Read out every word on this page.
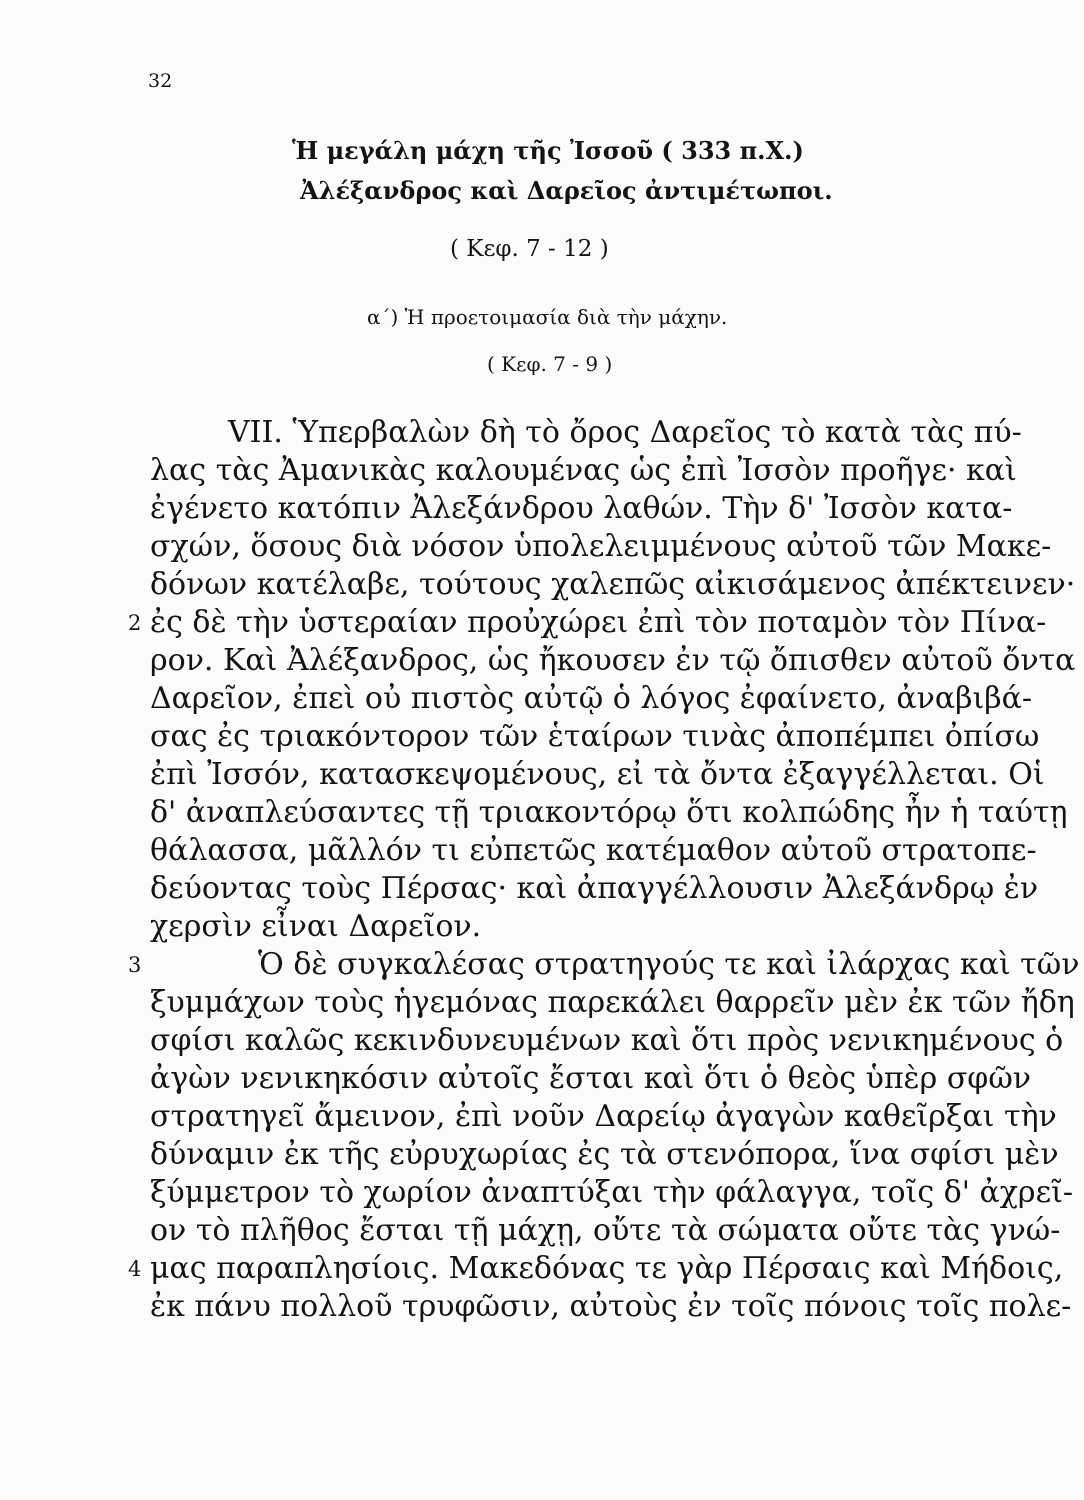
32
Ἡ μεγάλη μάχη τῆς Ἰσσοῦ ( 333 π.Χ.)
Ἀλέξανδρος καὶ Δαρεῖος ἀντιμέτωποι.
( Κεφ. 7 - 12 )
α΄) Ἡ προετοιμασία διὰ τὴν μάχην.
( Κεφ. 7 - 9 )
VII. Ὑπερβαλὼν δὴ τὸ ὄρος Δαρεῖος τὸ κατὰ τὰς πύ-
λας τὰς Ἀμανικὰς καλουμένας ὡς ἐπὶ Ἰσσὸν προῆγε· καὶ
ἐγένετο κατόπιν Ἀλεξάνδρου λαθών. Τὴν δ' Ἰσσὸν κατα-
σχών, ὅσους διὰ νόσον ὑπολελειμμένους αὐτοῦ τῶν Μακε-
δόνων κατέλαβε, τούτους χαλεπῶς αἰκισάμενος ἀπέκτεινεν·
ἐς δὲ τὴν ὑστεραίαν προὐχώρει ἐπὶ τὸν ποταμὸν τὸν Πίνα-
ρον. Καὶ Ἀλέξανδρος, ὡς ἤκουσεν ἐν τῷ ὄπισθεν αὐτοῦ ὄντα
Δαρεῖον, ἐπεὶ οὐ πιστὸς αὐτῷ ὁ λόγος ἐφαίνετο, ἀναβιβά-
σας ἐς τριακόντορον τῶν ἑταίρων τινὰς ἀποπέμπει ὀπίσω
ἐπὶ Ἰσσόν, κατασκεψομένους, εἰ τὰ ὄντα ἐξαγγέλλεται. Οἱ
δ' ἀναπλεύσαντες τῇ τριακοντόρῳ ὅτι κολπώδης ἦν ἡ ταύτῃ
θάλασσα, μᾶλλόν τι εὐπετῶς κατέμαθον αὐτοῦ στρατοπε-
δεύοντας τοὺς Πέρσας· καὶ ἀπαγγέλλουσιν Ἀλεξάνδρῳ ἐν
χερσὶν εἶναι Δαρεῖον.
Ὁ δὲ συγκαλέσας στρατηγούς τε καὶ ἰλάρχας καὶ τῶν
ξυμμάχων τοὺς ἡγεμόνας παρεκάλει θαρρεῖν μὲν ἐκ τῶν ἤδη
σφίσι καλῶς κεκινδυνευμένων καὶ ὅτι πρὸς νενικημένους ὁ
ἀγὼν νενικηκόσιν αὐτοῖς ἔσται καὶ ὅτι ὁ θεὸς ὑπὲρ σφῶν
στρατηγεῖ ἄμεινον, ἐπὶ νοῦν Δαρείῳ ἀγαγὼν καθεῖρξαι τὴν
δύναμιν ἐκ τῆς εὐρυχωρίας ἐς τὰ στενόπορα, ἵνα σφίσι μὲν
ξύμμετρον τὸ χωρίον ἀναπτύξαι τὴν φάλαγγα, τοῖς δ' ἀχρεῖ-
ον τὸ πλῆθος ἔσται τῇ μάχῃ, οὔτε τὰ σώματα οὔτε τὰς γνώ-
μας παραπλησίοις. Μακεδόνας τε γὰρ Πέρσαις καὶ Μήδοις,
ἐκ πάνυ πολλοῦ τρυφῶσιν, αὐτοὺς ἐν τοῖς πόνοις τοῖς πολε-
2
3
4
